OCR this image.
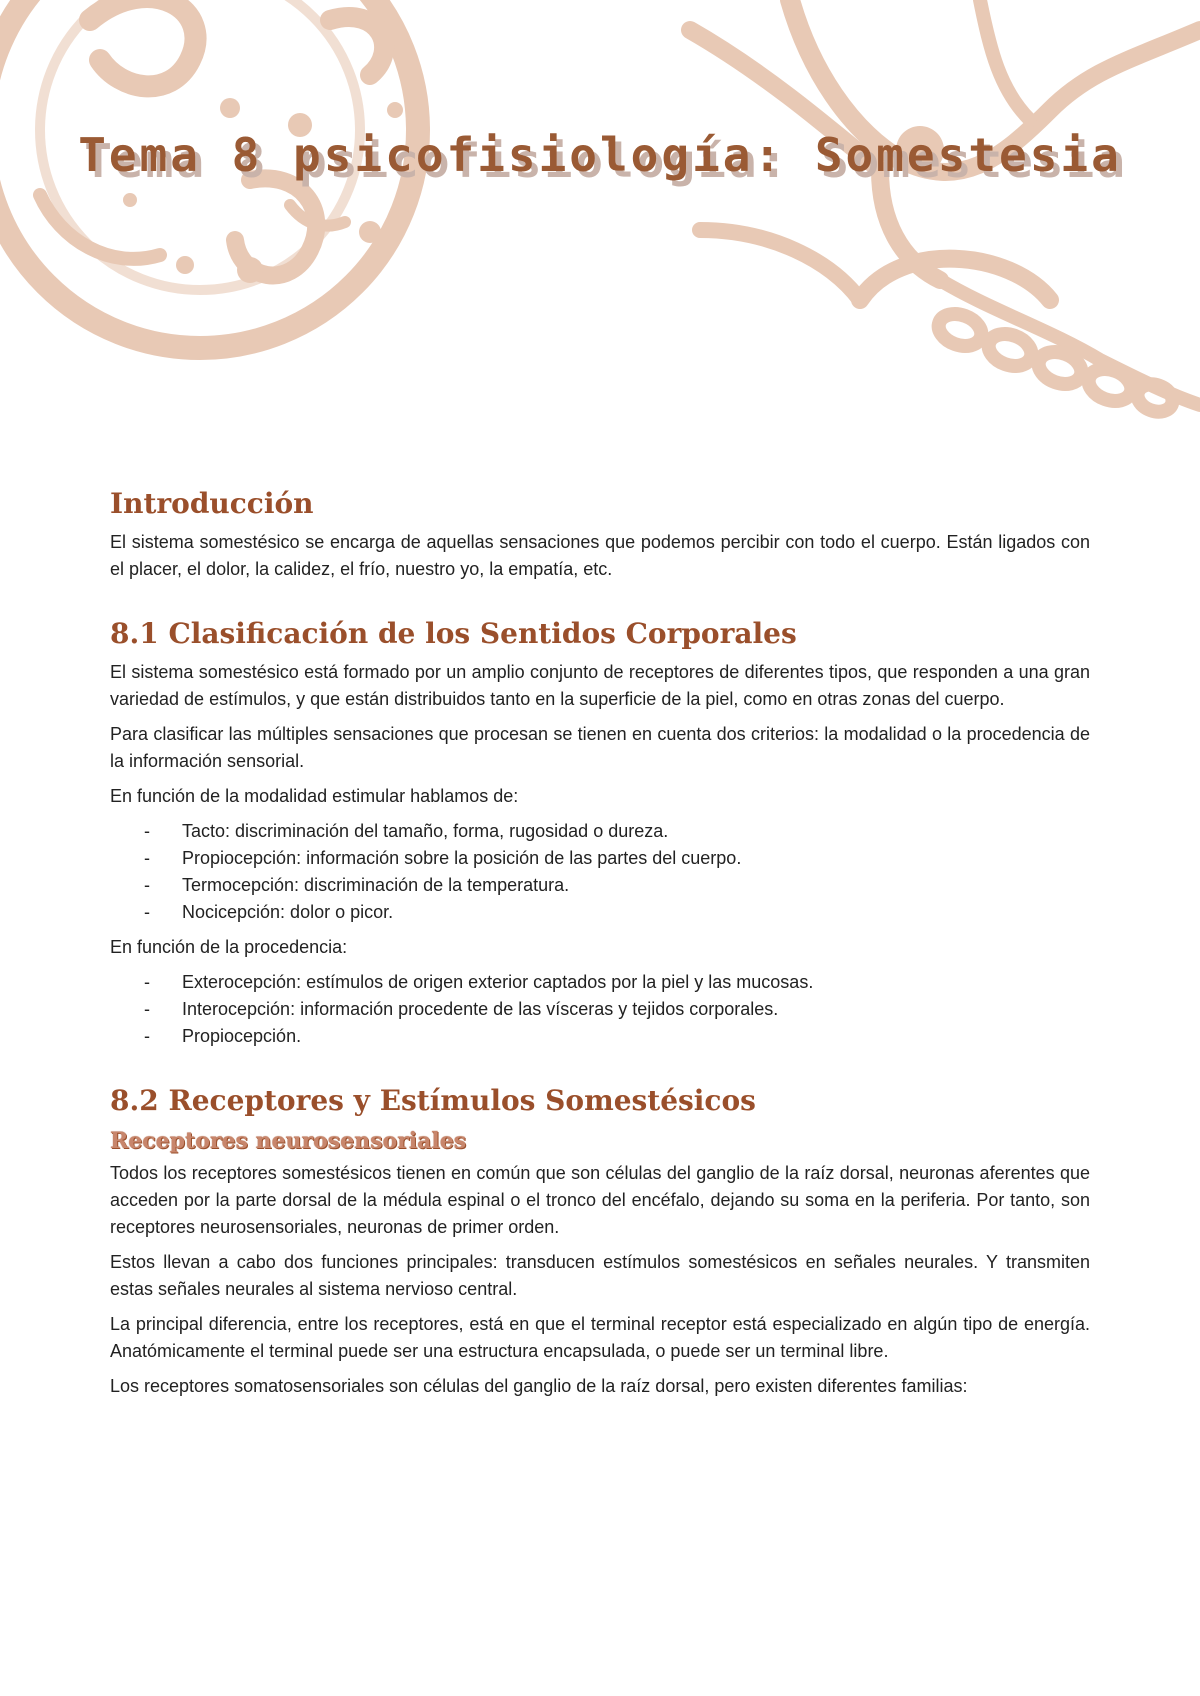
Tema 8 psicofisiología: Somestesia
Introducción

El sistema somestésico se encarga de aquellas sensaciones que podemos percibir con todo el cuerpo. Están ligados con el placer, el dolor, la calidez, el frío, nuestro yo, la empatía, etc.

8.1 Clasificación de los Sentidos Corporales

El sistema somestésico está formado por un amplio conjunto de receptores de diferentes tipos, que responden a una gran variedad de estímulos, y que están distribuidos tanto en la superficie de la piel, como en otras zonas del cuerpo.

Para clasificar las múltiples sensaciones que procesan se tienen en cuenta dos criterios: la modalidad o la procedencia de la información sensorial.

En función de la modalidad estimular hablamos de:

- Tacto: discriminación del tamaño, forma, rugosidad o dureza.
- Propiocepción: información sobre la posición de las partes del cuerpo.
- Termocepción: discriminación de la temperatura.
- Nocicepción: dolor o picor.

En función de la procedencia:

- Exterocepción: estímulos de origen exterior captados por la piel y las mucosas.
- Interocepción: información procedente de las vísceras y tejidos corporales.
- Propiocepción.
8.2 Receptores y Estímulos Somestésicos
Receptores neurosensoriales

Todos los receptores somestésicos tienen en común que son células del ganglio de la raíz dorsal, neuronas aferentes que acceden por la parte dorsal de la médula espinal o el tronco del encéfalo, dejando su soma en la periferia. Por tanto, son receptores neurosensoriales, neuronas de primer orden.

Estos llevan a cabo dos funciones principales: transducen estímulos somestésicos en señales neurales. Y transmiten estas señales neurales al sistema nervioso central.

La principal diferencia, entre los receptores, está en que el terminal receptor está especializado en algún tipo de energía. Anatómicamente el terminal puede ser una estructura encapsulada, o puede ser un terminal libre.

Los receptores somatosensoriales son células del ganglio de la raíz dorsal, pero existen diferentes familias:
